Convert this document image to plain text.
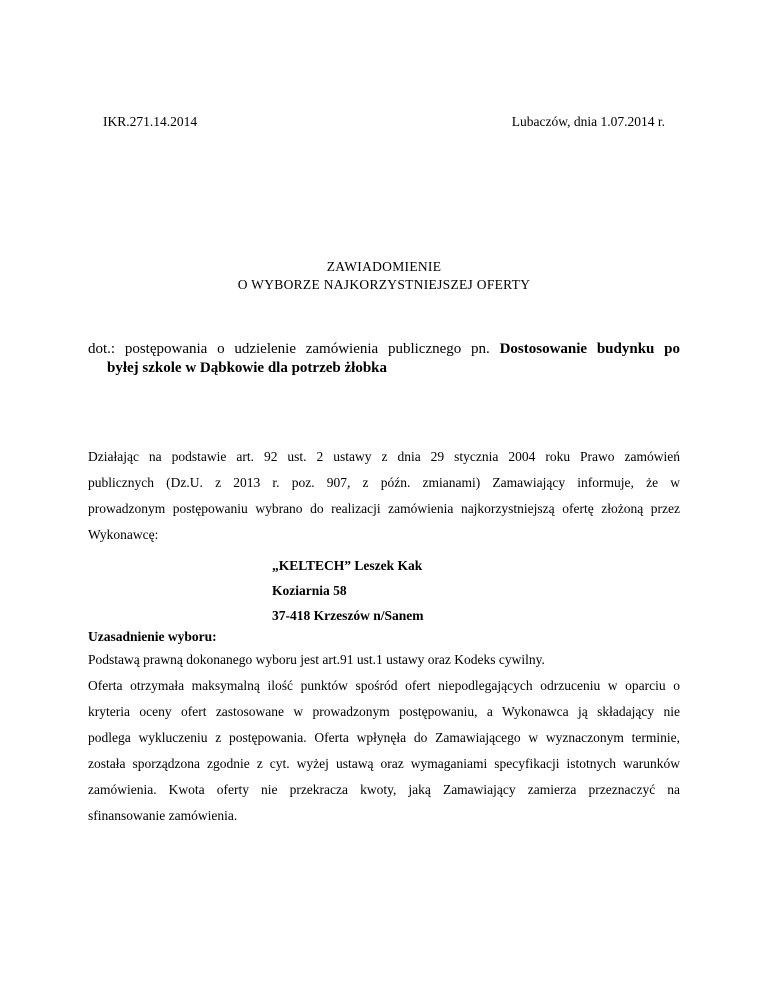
IKR.271.14.2014	Lubaczów, dnia 1.07.2014 r.
ZAWIADOMIENIE
O WYBORZE NAJKORZYSTNIEJSZEJ OFERTY
dot.: postępowania o udzielenie zamówienia publicznego pn. Dostosowanie budynku po
byłej szkole w Dąbkowie dla potrzeb żłobka
Działając na podstawie art. 92 ust. 2 ustawy z dnia 29 stycznia 2004 roku Prawo zamówień
publicznych (Dz.U. z 2013 r. poz. 907, z późn. zmianami) Zamawiający informuje, że w
prowadzonym postępowaniu wybrano do realizacji zamówienia najkorzystniejszą ofertę złożoną przez
Wykonawcę:
„KELTECH” Leszek Kak
Koziarnia 58
37-418 Krzeszów n/Sanem
Uzasadnienie wyboru:
Podstawą prawną dokonanego wyboru jest art.91 ust.1 ustawy oraz Kodeks cywilny.
Oferta otrzymała maksymalną ilość punktów spośród ofert niepodlegających odrzuceniu w oparciu o
kryteria oceny ofert zastosowane w prowadzonym postępowaniu, a Wykonawca ją składający nie
podlega wykluczeniu z postępowania. Oferta wpłynęła do Zamawiającego w wyznaczonym terminie,
została sporządzona zgodnie z cyt. wyżej ustawą oraz wymaganiami specyfikacji istotnych warunków
zamówienia. Kwota oferty nie przekracza kwoty, jaką Zamawiający zamierza przeznaczyć na
sfinansowanie zamówienia.
